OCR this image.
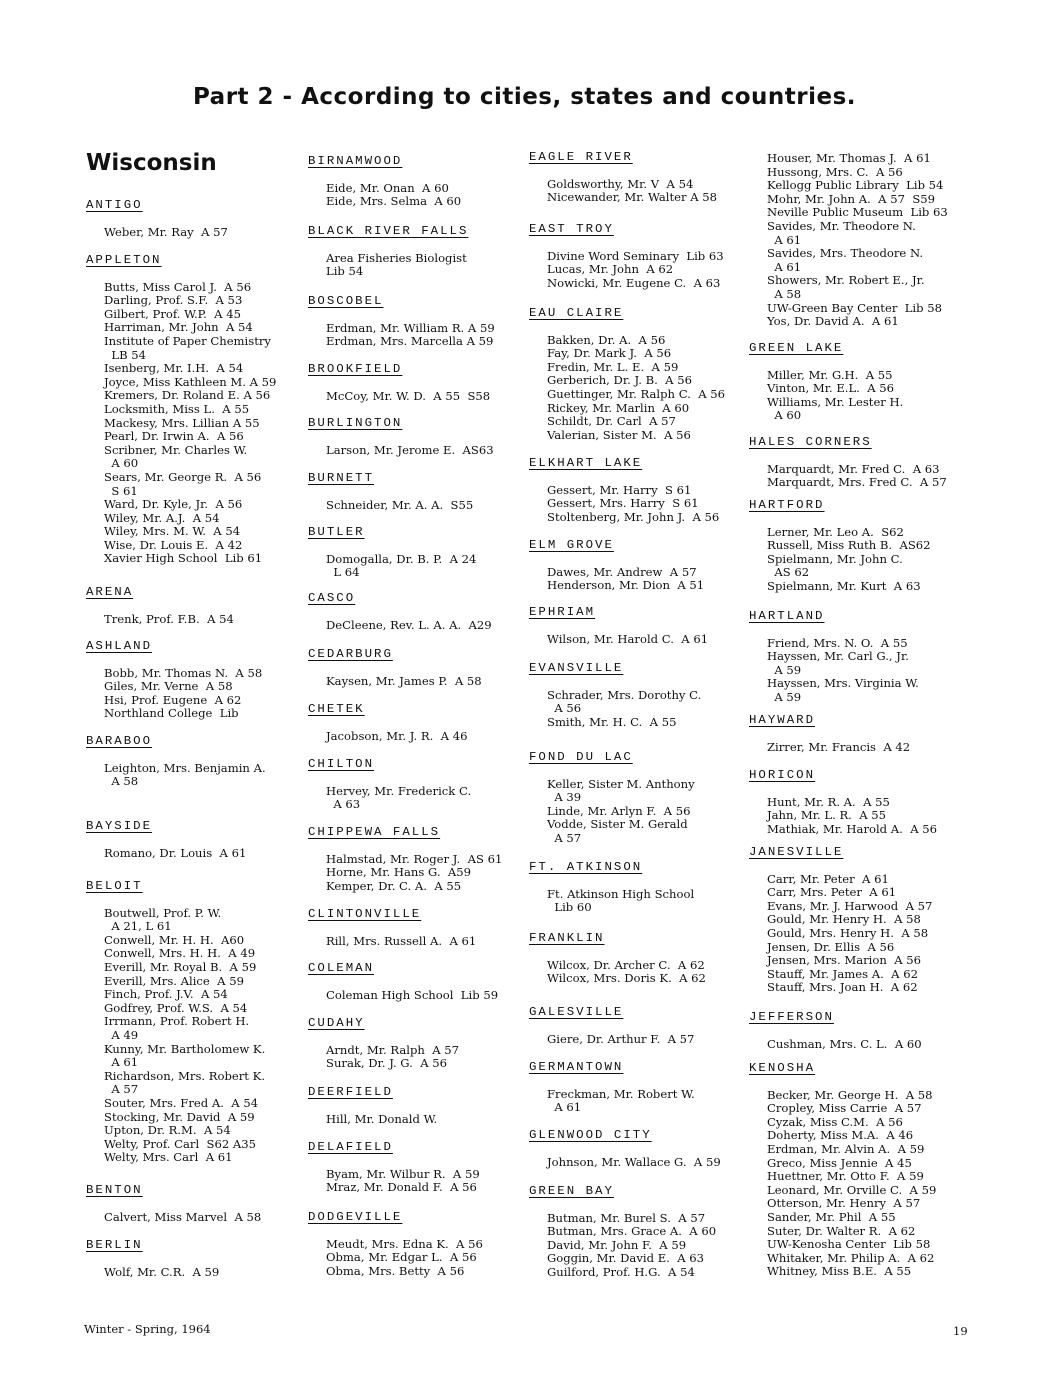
Part 2 - According to cities, states and countries.
Wisconsin
ANTIGO
Weber, Mr. Ray  A 57
APPLETON
Butts, Miss Carol J.  A 56
Darling, Prof. S.F.  A 53
Gilbert, Prof. W.P.  A 45
Harriman, Mr. John  A 54
Institute of Paper Chemistry
LB 54
Isenberg, Mr. I.H.  A 54
Joyce, Miss Kathleen M. A 59
Kremers, Dr. Roland E. A 56
Locksmith, Miss L.  A 55
Mackesy, Mrs. Lillian A 55
Pearl, Dr. Irwin A.  A 56
Scribner, Mr. Charles W.
A 60
Sears, Mr. George R.  A 56
S 61
Ward, Dr. Kyle, Jr.  A 56
Wiley, Mr. A.J.  A 54
Wiley, Mrs. M. W.  A 54
Wise, Dr. Louis E.  A 42
Xavier High School  Lib 61
ARENA
Trenk, Prof. F.B.  A 54
ASHLAND
Bobb, Mr. Thomas N.  A 58
Giles, Mr. Verne  A 58
Hsi, Prof. Eugene  A 62
Northland College  Lib
BARABOO
Leighton, Mrs. Benjamin A.
A 58
BAYSIDE
Romano, Dr. Louis  A 61
BELOIT
Boutwell, Prof. P. W.
A 21, L 61
Conwell, Mr. H. H.  A60
Conwell, Mrs. H. H.  A 49
Everill, Mr. Royal B.  A 59
Everill, Mrs. Alice  A 59
Finch, Prof. J.V.  A 54
Godfrey, Prof. W.S.  A 54
Irrmann, Prof. Robert H.
A 49
Kunny, Mr. Bartholomew K.
A 61
Richardson, Mrs. Robert K.
A 57
Souter, Mrs. Fred A.  A 54
Stocking, Mr. David  A 59
Upton, Dr. R.M.  A 54
Welty, Prof. Carl  S62 A35
Welty, Mrs. Carl  A 61
BENTON
Calvert, Miss Marvel  A 58
BERLIN
Wolf, Mr. C.R.  A 59
BIRNAMWOOD
Eide, Mr. Onan  A 60
Eide, Mrs. Selma  A 60
BLACK RIVER FALLS
Area Fisheries Biologist
Lib 54
BOSCOBEL
Erdman, Mr. William R. A 59
Erdman, Mrs. Marcella A 59
BROOKFIELD
McCoy, Mr. W. D.  A 55  S58
BURLINGTON
Larson, Mr. Jerome E.  AS63
BURNETT
Schneider, Mr. A. A.  S55
BUTLER
Domogalla, Dr. B. P.  A 24
L 64
CASCO
DeCleene, Rev. L. A. A.  A29
CEDARBURG
Kaysen, Mr. James P.  A 58
CHETEK
Jacobson, Mr. J. R.  A 46
CHILTON
Hervey, Mr. Frederick C.
A 63
CHIPPEWA FALLS
Halmstad, Mr. Roger J.  AS 61
Horne, Mr. Hans G.  A59
Kemper, Dr. C. A.  A 55
CLINTONVILLE
Rill, Mrs. Russell A.  A 61
COLEMAN
Coleman High School  Lib 59
CUDAHY
Arndt, Mr. Ralph  A 57
Surak, Dr. J. G.  A 56
DEERFIELD
Hill, Mr. Donald W.
DELAFIELD
Byam, Mr. Wilbur R.  A 59
Mraz, Mr. Donald F.  A 56
DODGEVILLE
Meudt, Mrs. Edna K.  A 56
Obma, Mr. Edgar L.  A 56
Obma, Mrs. Betty  A 56
EAGLE RIVER
Goldsworthy, Mr. V  A 54
Nicewander, Mr. Walter A 58
EAST TROY
Divine Word Seminary  Lib 63
Lucas, Mr. John  A 62
Nowicki, Mr. Eugene C.  A 63
EAU CLAIRE
Bakken, Dr. A.  A 56
Fay, Dr. Mark J.  A 56
Fredin, Mr. L. E.  A 59
Gerberich, Dr. J. B.  A 56
Guettinger, Mr. Ralph C.  A 56
Rickey, Mr. Marlin  A 60
Schildt, Dr. Carl  A 57
Valerian, Sister M.  A 56
ELKHART LAKE
Gessert, Mr. Harry  S 61
Gessert, Mrs. Harry  S 61
Stoltenberg, Mr. John J.  A 56
ELM GROVE
Dawes, Mr. Andrew  A 57
Henderson, Mr. Dion  A 51
EPHRIAM
Wilson, Mr. Harold C.  A 61
EVANSVILLE
Schrader, Mrs. Dorothy C.
A 56
Smith, Mr. H. C.  A 55
FOND DU LAC
Keller, Sister M. Anthony
A 39
Linde, Mr. Arlyn F.  A 56
Vodde, Sister M. Gerald
A 57
FT. ATKINSON
Ft. Atkinson High School
Lib 60
FRANKLIN
Wilcox, Dr. Archer C.  A 62
Wilcox, Mrs. Doris K.  A 62
GALESVILLE
Giere, Dr. Arthur F.  A 57
GERMANTOWN
Freckman, Mr. Robert W.
A 61
GLENWOOD CITY
Johnson, Mr. Wallace G.  A 59
GREEN BAY
Butman, Mr. Burel S.  A 57
Butman, Mrs. Grace A.  A 60
David, Mr. John F.  A 59
Goggin, Mr. David E.  A 63
Guilford, Prof. H.G.  A 54
Houser, Mr. Thomas J.  A 61
Hussong, Mrs. C.  A 56
Kellogg Public Library  Lib 54
Mohr, Mr. John A.  A 57  S59
Neville Public Museum  Lib 63
Savides, Mr. Theodore N.
A 61
Savides, Mrs. Theodore N.
A 61
Showers, Mr. Robert E., Jr.
A 58
UW-Green Bay Center  Lib 58
Yos, Dr. David A.  A 61
GREEN LAKE
Miller, Mr. G.H.  A 55
Vinton, Mr. E.L.  A 56
Williams, Mr. Lester H.
A 60
HALES CORNERS
Marquardt, Mr. Fred C.  A 63
Marquardt, Mrs. Fred C.  A 57
HARTFORD
Lerner, Mr. Leo A.  S62
Russell, Miss Ruth B.  AS62
Spielmann, Mr. John C.
AS 62
Spielmann, Mr. Kurt  A 63
HARTLAND
Friend, Mrs. N. O.  A 55
Hayssen, Mr. Carl G., Jr.
A 59
Hayssen, Mrs. Virginia W.
A 59
HAYWARD
Zirrer, Mr. Francis  A 42
HORICON
Hunt, Mr. R. A.  A 55
Jahn, Mr. L. R.  A 55
Mathiak, Mr. Harold A.  A 56
JANESVILLE
Carr, Mr. Peter  A 61
Carr, Mrs. Peter  A 61
Evans, Mr. J. Harwood  A 57
Gould, Mr. Henry H.  A 58
Gould, Mrs. Henry H.  A 58
Jensen, Dr. Ellis  A 56
Jensen, Mrs. Marion  A 56
Stauff, Mr. James A.  A 62
Stauff, Mrs. Joan H.  A 62
JEFFERSON
Cushman, Mrs. C. L.  A 60
KENOSHA
Becker, Mr. George H.  A 58
Cropley, Miss Carrie  A 57
Cyzak, Miss C.M.  A 56
Doherty, Miss M.A.  A 46
Erdman, Mr. Alvin A.  A 59
Greco, Miss Jennie  A 45
Huettner, Mr. Otto F.  A 59
Leonard, Mr. Orville C.  A 59
Otterson, Mr. Henry  A 57
Sander, Mr. Phil  A 55
Suter, Dr. Walter R.  A 62
UW-Kenosha Center  Lib 58
Whitaker, Mr. Philip A.  A 62
Whitney, Miss B.E.  A 55
Winter - Spring, 1964	19
